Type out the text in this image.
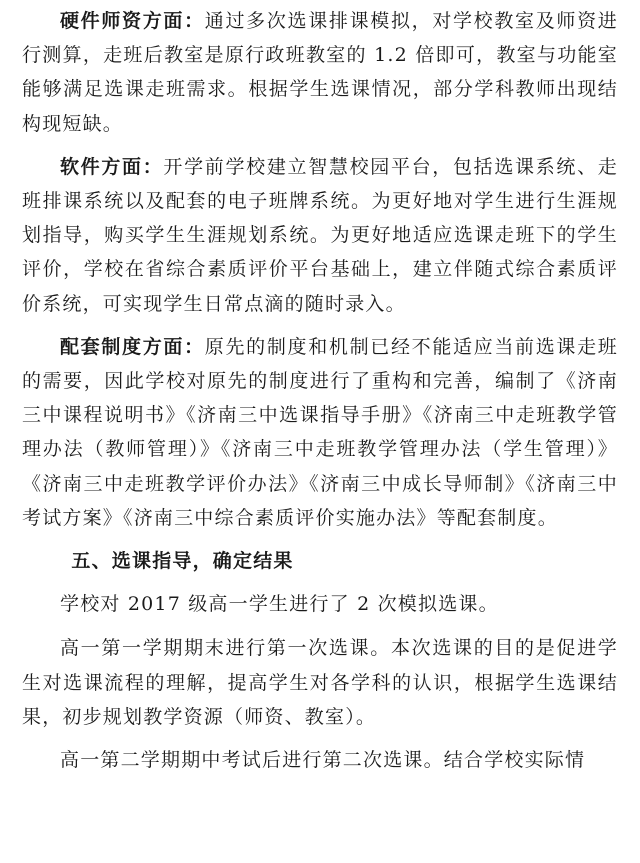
硬件师资方面：通过多次选课排课模拟，对学校教室及师资进行测算，走班后教室是原行政班教室的 1.2 倍即可，教室与功能室能够满足选课走班需求。根据学生选课情况，部分学科教师出现结构现短缺。

软件方面：开学前学校建立智慧校园平台，包括选课系统、走班排课系统以及配套的电子班牌系统。为更好地对学生进行生涯规划指导，购买学生生涯规划系统。为更好地适应选课走班下的学生评价，学校在省综合素质评价平台基础上，建立伴随式综合素质评价系统，可实现学生日常点滴的随时录入。

配套制度方面：原先的制度和机制已经不能适应当前选课走班的需要，因此学校对原先的制度进行了重构和完善，编制了《济南三中课程说明书》《济南三中选课指导手册》《济南三中走班教学管理办法（教师管理）》《济南三中走班教学管理办法（学生管理）》《济南三中走班教学评价办法》《济南三中成长导师制》《济南三中考试方案》《济南三中综合素质评价实施办法》等配套制度。

五、选课指导，确定结果

学校对 2017 级高一学生进行了 2 次模拟选课。

高一第一学期期末进行第一次选课。本次选课的目的是促进学生对选课流程的理解，提高学生对各学科的认识，根据学生选课结果，初步规划教学资源（师资、教室）。

高一第二学期期中考试后进行第二次选课。结合学校实际情
